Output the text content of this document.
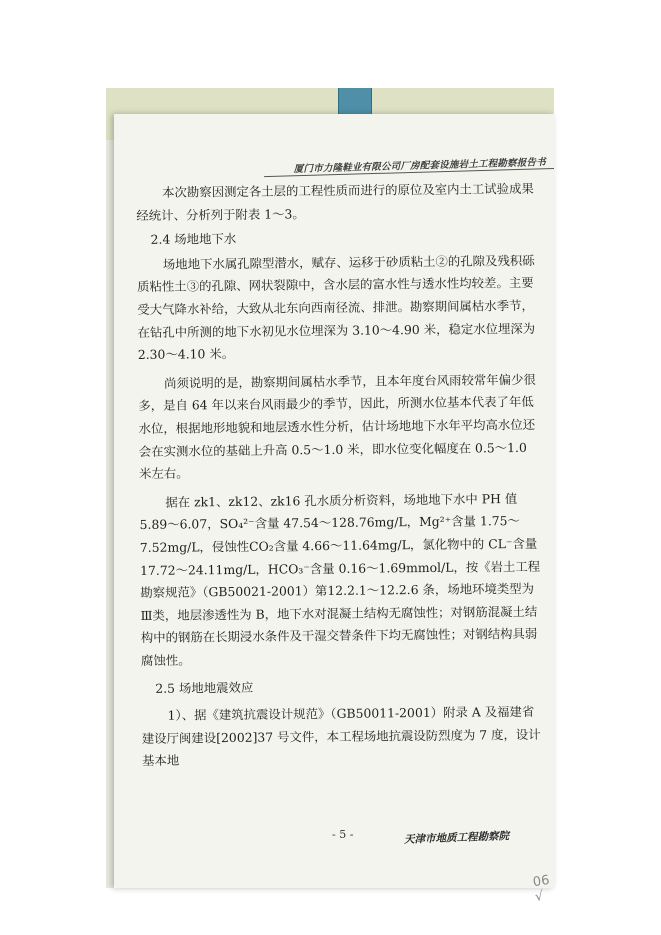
厦门市力隆鞋业有限公司厂房配套设施岩土工程勘察报告书

本次勘察因测定各土层的工程性质而进行的原位及室内土工试验成果经统计、分析列于附表 1～3。

2.4 场地地下水

场地地下水属孔隙型潜水，赋存、运移于砂质粘土②的孔隙及残积砾质粘性土③的孔隙、网状裂隙中，含水层的富水性与透水性均较差。主要受大气降水补给，大致从北东向西南径流、排泄。勘察期间属枯水季节，在钻孔中所测的地下水初见水位埋深为 3.10～4.90 米，稳定水位埋深为 2.30～4.10 米。

尚须说明的是，勘察期间属枯水季节，且本年度台风雨较常年偏少很多，是自 64 年以来台风雨最少的季节，因此，所测水位基本代表了年低水位，根据地形地貌和地层透水性分析，估计场地地下水年平均高水位还会在实测水位的基础上升高 0.5～1.0 米，即水位变化幅度在 0.5～1.0 米左右。

据在 zk1、zk12、zk16 孔水质分析资料，场地地下水中 PH 值 5.89～6.07，SO₄²⁻含量 47.54～128.76mg/L，Mg²⁺含量 1.75～7.52mg/L，侵蚀性CO₂含量 4.66～11.64mg/L，氯化物中的 CL⁻含量 17.72～24.11mg/L，HCO₃⁻含量 0.16～1.69mmol/L，按《岩土工程勘察规范》（GB50021-2001）第12.2.1～12.2.6 条，场地环境类型为Ⅲ类，地层渗透性为 B，地下水对混凝土结构无腐蚀性；对钢筋混凝土结构中的钢筋在长期浸水条件及干湿交替条件下均无腐蚀性；对钢结构具弱腐蚀性。

2.5 场地地震效应

1）、据《建筑抗震设计规范》（GB50011-2001）附录 A 及福建省建设厅闽建设[2002]37 号文件，本工程场地抗震设防烈度为 7 度，设计基本地

- 5 -	天津市地质工程勘察院
06
√
